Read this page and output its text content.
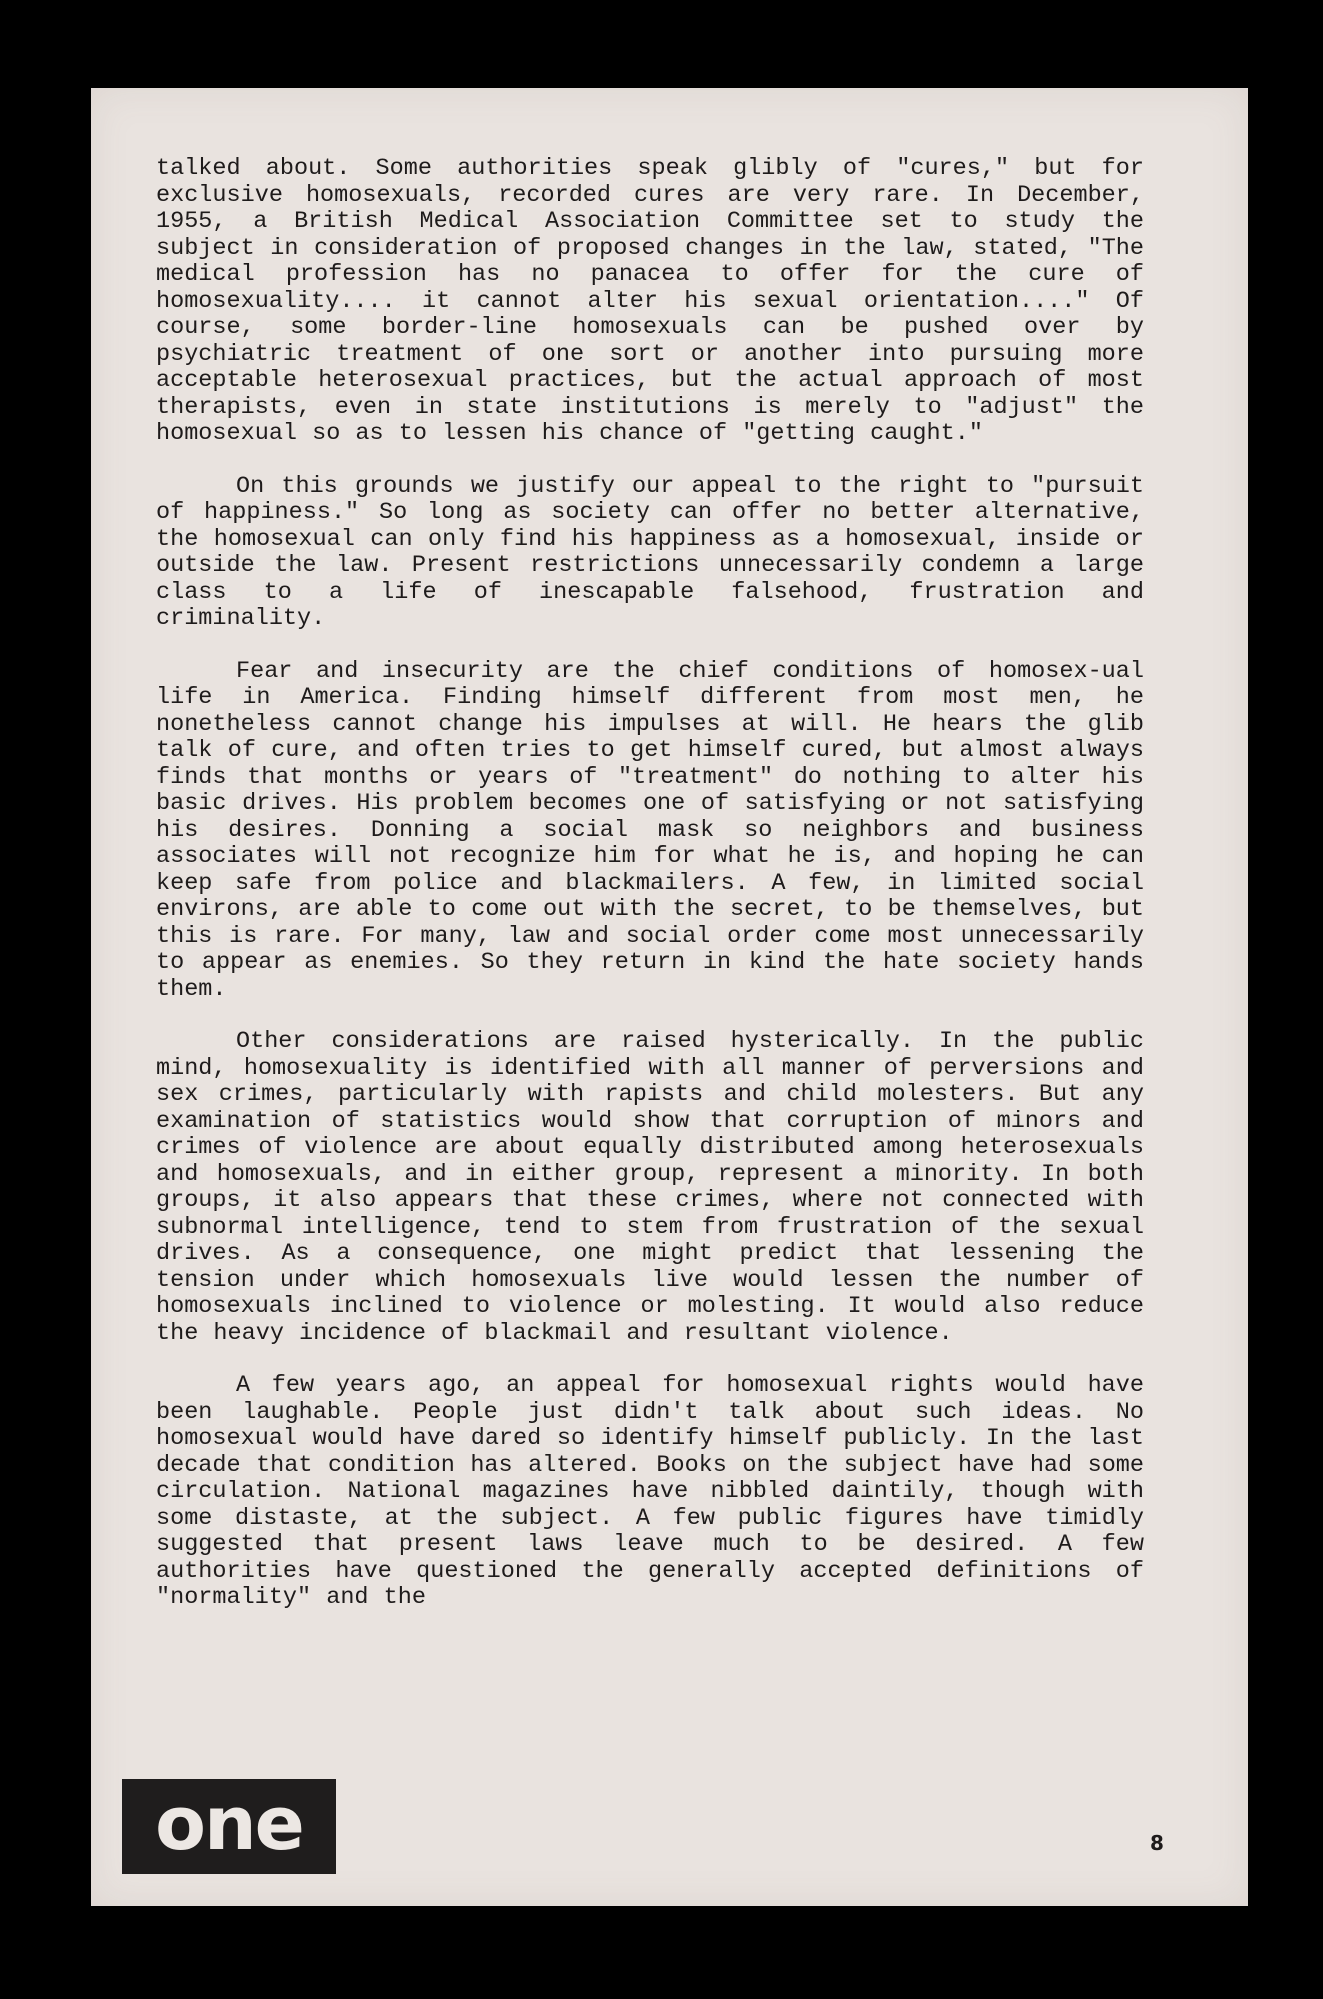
talked about. Some authorities speak glibly of "cures," but for exclusive homosexuals, recorded cures are very rare. In December, 1955, a British Medical Association Committee set to study the subject in consideration of proposed changes in the law, stated, "The medical profession has no panacea to offer for the cure of homosexuality.... it cannot alter his sexual orientation...." Of course, some border-line homosexuals can be pushed over by psychiatric treatment of one sort or another into pursuing more acceptable heterosexual practices, but the actual approach of most therapists, even in state institutions is merely to "adjust" the homosexual so as to lessen his chance of "getting caught."

On this grounds we justify our appeal to the right to "pursuit of happiness." So long as society can offer no better alternative, the homosexual can only find his happiness as a homosexual, inside or outside the law. Present restrictions unnecessarily condemn a large class to a life of inescapable falsehood, frustration and criminality.

Fear and insecurity are the chief conditions of homosex-ual life in America. Finding himself different from most men, he nonetheless cannot change his impulses at will. He hears the glib talk of cure, and often tries to get himself cured, but almost always finds that months or years of "treatment" do nothing to alter his basic drives. His problem becomes one of satisfying or not satisfying his desires. Donning a social mask so neighbors and business associates will not recognize him for what he is, and hoping he can keep safe from police and blackmailers. A few, in limited social environs, are able to come out with the secret, to be themselves, but this is rare. For many, law and social order come most unnecessarily to appear as enemies. So they return in kind the hate society hands them.

Other considerations are raised hysterically. In the public mind, homosexuality is identified with all manner of perversions and sex crimes, particularly with rapists and child molesters. But any examination of statistics would show that corruption of minors and crimes of violence are about equally distributed among heterosexuals and homosexuals, and in either group, represent a minority. In both groups, it also appears that these crimes, where not connected with subnormal intelligence, tend to stem from frustration of the sexual drives. As a consequence, one might predict that lessening the tension under which homosexuals live would lessen the number of homosexuals inclined to violence or molesting. It would also reduce the heavy incidence of blackmail and resultant violence.

A few years ago, an appeal for homosexual rights would have been laughable. People just didn't talk about such ideas. No homosexual would have dared so identify himself publicly. In the last decade that condition has altered. Books on the subject have had some circulation. National magazines have nibbled daintily, though with some distaste, at the subject. A few public figures have timidly suggested that present laws leave much to be desired. A few authorities have questioned the generally accepted definitions of "normality" and the

one	8
